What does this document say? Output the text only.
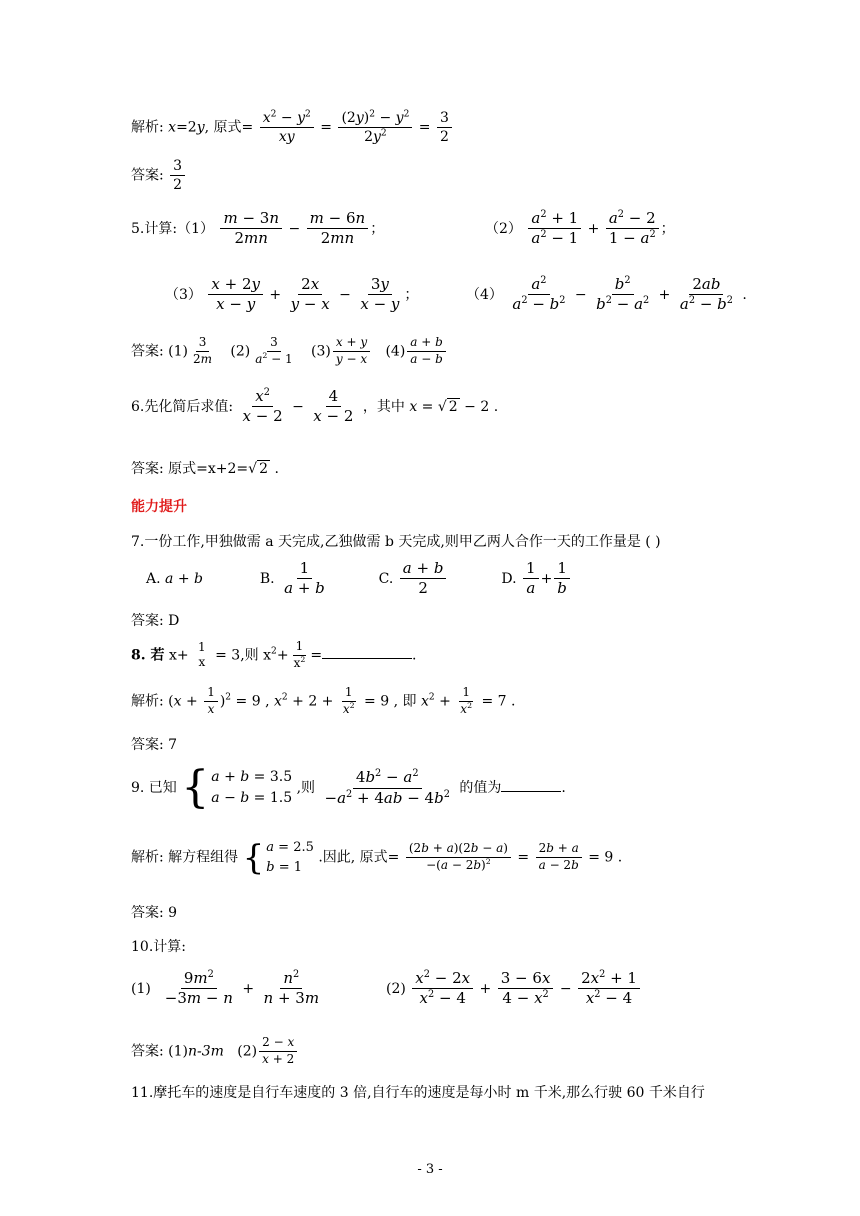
解析: x=2y, 原式= $\frac{x^2 - y^2}{xy} = \frac{(2y)^2 - y^2}{2y^2} = \frac{3}{2}$
答案: $\frac{3}{2}$
5.计算:（1） $\frac{m - 3n}{2mn} - \frac{m - 6n}{2mn}$ ；	$(2) \frac{a^2 + 1}{a^2 - 1} + \frac{a^2 - 2}{1 - a^2}$ ；
$(3) \frac{x + 2y}{x - y} + \frac{2x}{y - x} - \frac{3y}{x - y}$ ；	$(4) \frac{a^2}{a^2 - b^2} - \frac{b^2}{b^2 - a^2} + \frac{2ab}{a^2 - b^2}$ .
答案: $(1) \frac{3}{2m} (2) \frac{3}{a^2 - 1} (3) \frac{x + y}{y - x} (4) \frac{a + b}{a - b}$
6.先化简后求值: $\frac{x^2}{x - 2} - \frac{4}{x - 2}$ ，其中 x = √ 2 − 2 .
答案: 原式=x+2=√ 2 .
能力提升
7.一份工作,甲独做需 a 天完成,乙独做需 b 天完成,则甲乙两人合作一天的工作量是 ( )
A. a + b	B. $\frac{1}{a + b}$	C. $\frac{a + b}{2}$	D. $\frac{1}{a} + \frac{1}{b}$
答案: D
8. 若 x+
1
x = 3,则 $x^2+ \frac{1}{x^2}$ =	.
解析: $(x + \frac{1}{x} )^2 = 9$ , $x^2 + 2 + \frac{1}{x^2} = 9$ , 即 $x^2 + \frac{1}{x^2} = 7$ .
答案: 7
9. 已知 { a + b = 3.5
a − b = 1.5
,则 $\frac{4b^2 - a^2}{-a^2 + 4ab - 4b^2}$ 的值为	.
解析: 解方程组得 { a = 2.5
b = 1
.因此, 原式= $\frac{(2b + a)(2b - a)}{-(a - 2b)^2} = \frac{2b + a}{a - 2b} = 9$ .
答案: 9
10.计算:
$(1) \frac{9m^2}{-3m - n} + \frac{n^2}{n + 3m}$	$(2) \frac{x^2 - 2x}{x^2 - 4} + \frac{3 - 6x}{4 - x^2} - \frac{2x^2 + 1}{x^2 - 4}$
答案: (1)n-3m $(2) \frac{2 - x}{x + 2}$
11.摩托车的速度是自行车速度的 3 倍,自行车的速度是每小时 m 千米,那么行驶 60 千米自行
- 3 -
